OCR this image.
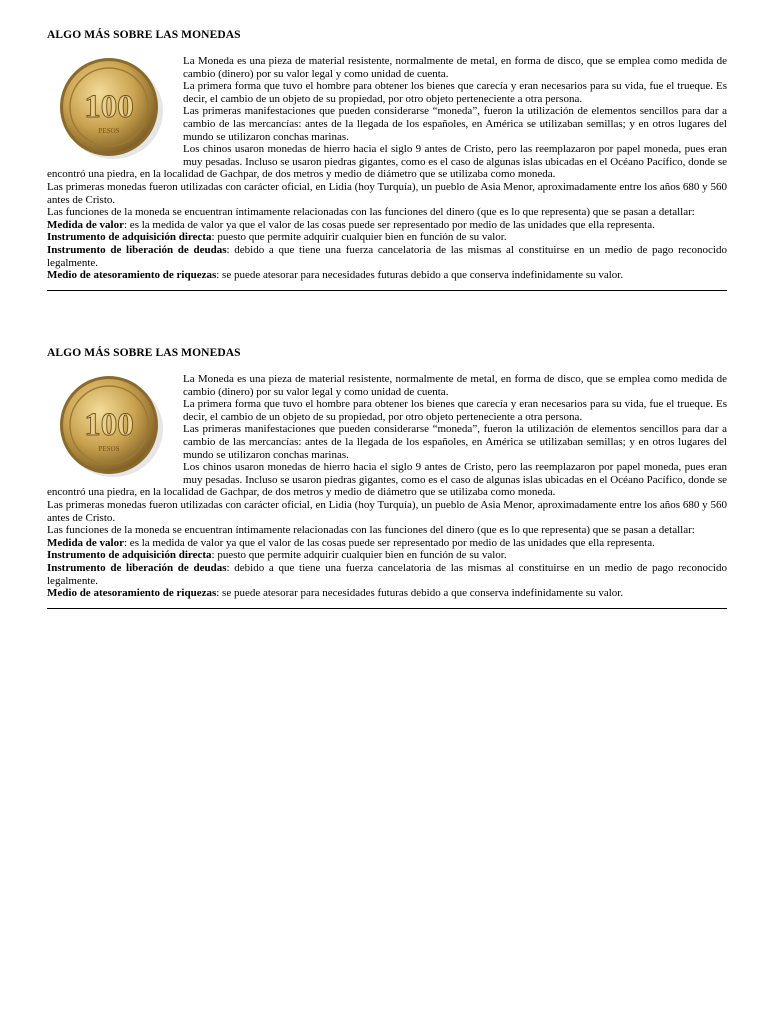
ALGO MÁS SOBRE LAS MONEDAS
100
PESOS

La Moneda es una pieza de material resistente, normalmente de metal, en forma de disco, que se emplea como medida de cambio (dinero) por su valor legal y como unidad de cuenta.

La primera forma que tuvo el hombre para obtener los bienes que carecía y eran necesarios para su vida, fue el trueque. Es decir, el cambio de un objeto de su propiedad, por otro objeto perteneciente a otra persona.

Las primeras manifestaciones que pueden considerarse “moneda”, fueron la utilización de elementos sencillos para dar a cambio de las mercancías: antes de la llegada de los españoles, en América se utilizaban semillas; y en otros lugares del mundo se utilizaron conchas marinas.

Los chinos usaron monedas de hierro hacia el siglo 9 antes de Cristo, pero las reemplazaron por papel moneda, pues eran muy pesadas. Incluso se usaron piedras gigantes, como es el caso de algunas islas ubicadas en el Océano Pacífico, donde se encontró una piedra, en la localidad de Gachpar, de dos metros y medio de diámetro que se utilizaba como moneda.

Las primeras monedas fueron utilizadas con carácter oficial, en Lidia (hoy Turquía), un pueblo de Asia Menor, aproximadamente entre los años 680 y 560 antes de Cristo.

Las funciones de la moneda se encuentran íntimamente relacionadas con las funciones del dinero (que es lo que representa) que se pasan a detallar:

Medida de valor: es la medida de valor ya que el valor de las cosas puede ser representado por medio de las unidades que ella representa.

Instrumento de adquisición directa: puesto que permite adquirir cualquier bien en función de su valor.

Instrumento de liberación de deudas: debido a que tiene una fuerza cancelatoria de las mismas al constituirse en un medio de pago reconocido legalmente.

Medio de atesoramiento de riquezas: se puede atesorar para necesidades futuras debido a que conserva indefinidamente su valor.

ALGO MÁS SOBRE LAS MONEDAS
100
PESOS

La Moneda es una pieza de material resistente, normalmente de metal, en forma de disco, que se emplea como medida de cambio (dinero) por su valor legal y como unidad de cuenta.

La primera forma que tuvo el hombre para obtener los bienes que carecía y eran necesarios para su vida, fue el trueque. Es decir, el cambio de un objeto de su propiedad, por otro objeto perteneciente a otra persona.

Las primeras manifestaciones que pueden considerarse “moneda”, fueron la utilización de elementos sencillos para dar a cambio de las mercancías: antes de la llegada de los españoles, en América se utilizaban semillas; y en otros lugares del mundo se utilizaron conchas marinas.

Los chinos usaron monedas de hierro hacia el siglo 9 antes de Cristo, pero las reemplazaron por papel moneda, pues eran muy pesadas. Incluso se usaron piedras gigantes, como es el caso de algunas islas ubicadas en el Océano Pacífico, donde se encontró una piedra, en la localidad de Gachpar, de dos metros y medio de diámetro que se utilizaba como moneda.

Las primeras monedas fueron utilizadas con carácter oficial, en Lidia (hoy Turquía), un pueblo de Asia Menor, aproximadamente entre los años 680 y 560 antes de Cristo.

Las funciones de la moneda se encuentran íntimamente relacionadas con las funciones del dinero (que es lo que representa) que se pasan a detallar:

Medida de valor: es la medida de valor ya que el valor de las cosas puede ser representado por medio de las unidades que ella representa.

Instrumento de adquisición directa: puesto que permite adquirir cualquier bien en función de su valor.

Instrumento de liberación de deudas: debido a que tiene una fuerza cancelatoria de las mismas al constituirse en un medio de pago reconocido legalmente.

Medio de atesoramiento de riquezas: se puede atesorar para necesidades futuras debido a que conserva indefinidamente su valor.
